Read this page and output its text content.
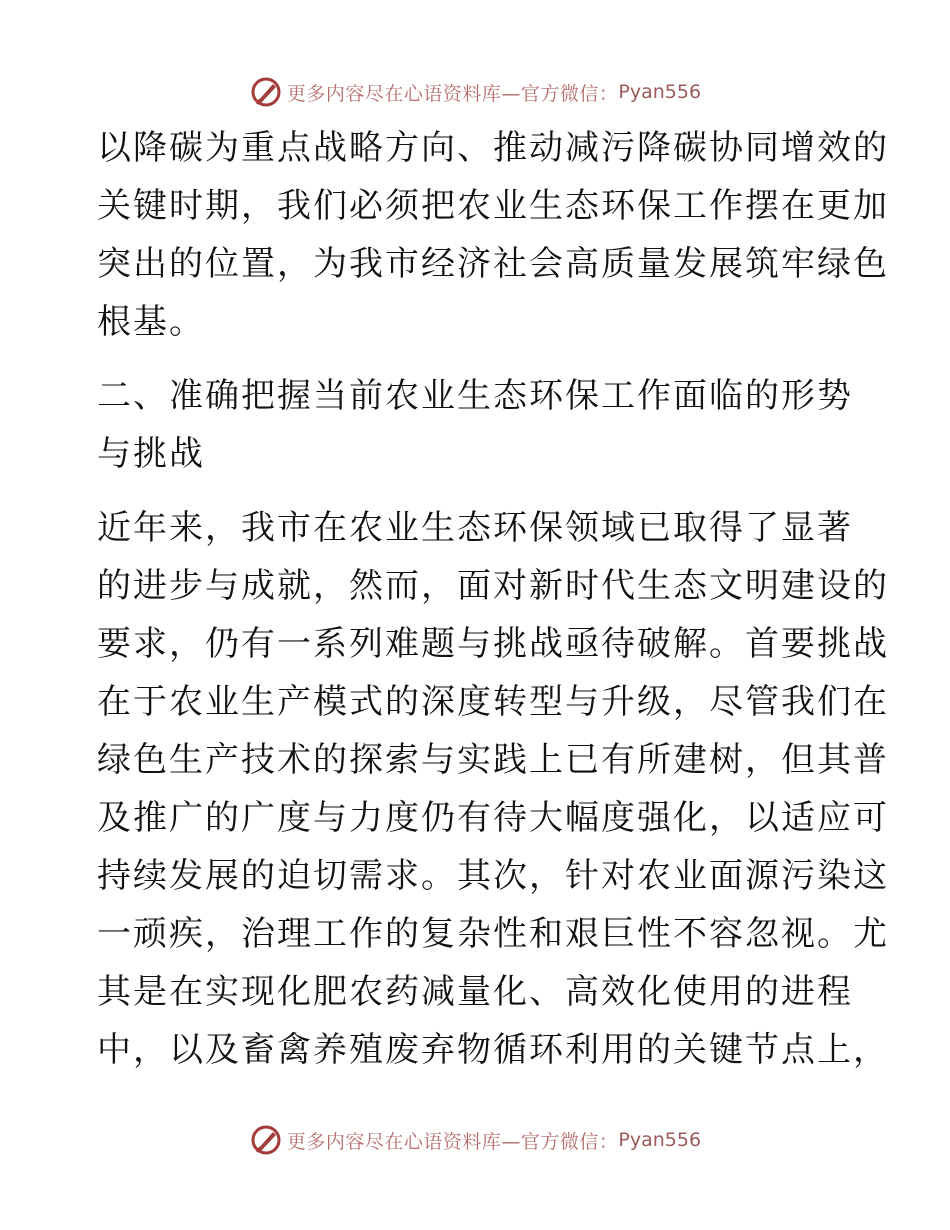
更多内容尽在心语资料库—官方微信： Pyan556
以降碳为重点战略方向、推动减污降碳协同增效的
关键时期，我们必须把农业生态环保工作摆在更加
突出的位置，为我市经济社会高质量发展筑牢绿色
根基。
二、准确把握当前农业生态环保工作面临的形势
与挑战
近年来，我市在农业生态环保领域已取得了显著
的进步与成就，然而，面对新时代生态文明建设的
要求，仍有一系列难题与挑战亟待破解。首要挑战
在于农业生产模式的深度转型与升级，尽管我们在
绿色生产技术的探索与实践上已有所建树，但其普
及推广的广度与力度仍有待大幅度强化，以适应可
持续发展的迫切需求。其次，针对农业面源污染这
一顽疾，治理工作的复杂性和艰巨性不容忽视。尤
其是在实现化肥农药减量化、高效化使用的进程
中，以及畜禽养殖废弃物循环利用的关键节点上，
更多内容尽在心语资料库—官方微信： Pyan556
